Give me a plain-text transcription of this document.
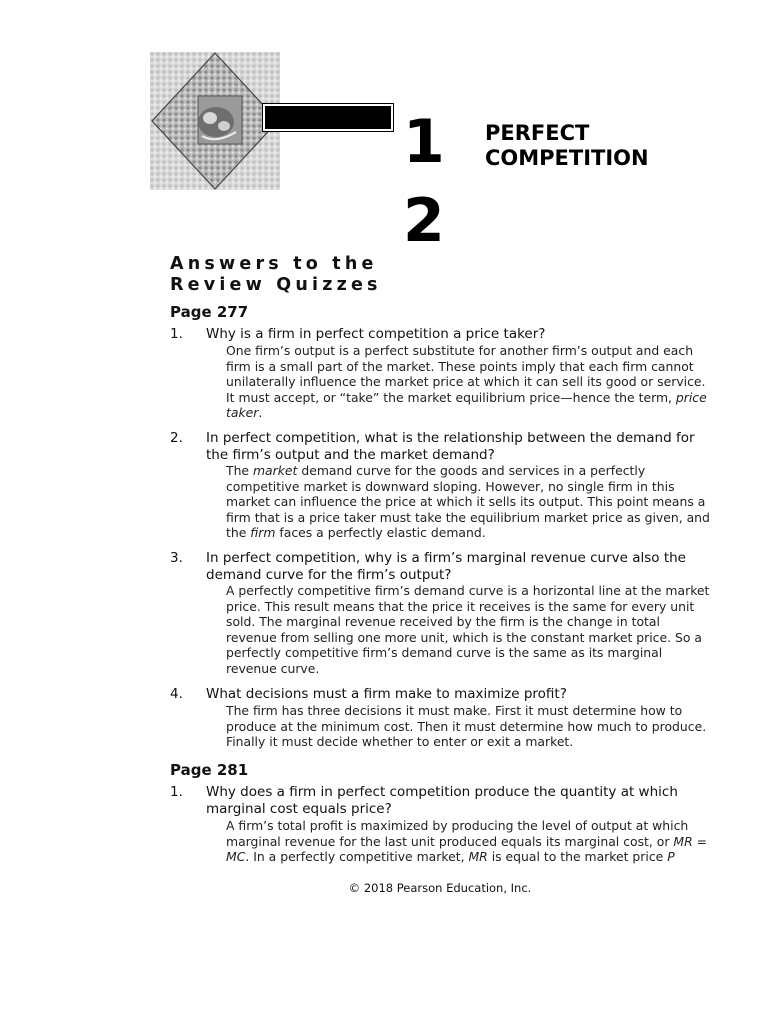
1
2
PERFECT
COMPETITION
Answers to the
Review Quizzes
Page 277
1. Why is a firm in perfect competition a price taker?
One firm’s output is a perfect substitute for another firm’s output and each firm is a small part of the market. These points imply that each firm cannot unilaterally influence the market price at which it can sell its good or service. It must accept, or “take” the market equilibrium price—hence the term, price taker.
2. In perfect competition, what is the relationship between the demand for the firm’s output and the market demand?
The market demand curve for the goods and services in a perfectly competitive market is downward sloping. However, no single firm in this market can influence the price at which it sells its output. This point means a firm that is a price taker must take the equilibrium market price as given, and the firm faces a perfectly elastic demand.
3. In perfect competition, why is a firm’s marginal revenue curve also the demand curve for the firm’s output?
A perfectly competitive firm’s demand curve is a horizontal line at the market price. This result means that the price it receives is the same for every unit sold. The marginal revenue received by the firm is the change in total revenue from selling one more unit, which is the constant market price. So a perfectly competitive firm’s demand curve is the same as its marginal revenue curve.
4. What decisions must a firm make to maximize profit?
The firm has three decisions it must make. First it must determine how to produce at the minimum cost. Then it must determine how much to produce. Finally it must decide whether to enter or exit a market.
Page 281
1. Why does a firm in perfect competition produce the quantity at which marginal cost equals price?
A firm’s total profit is maximized by producing the level of output at which marginal revenue for the last unit produced equals its marginal cost, or MR = MC. In a perfectly competitive market, MR is equal to the market price P
© 2018 Pearson Education, Inc.
